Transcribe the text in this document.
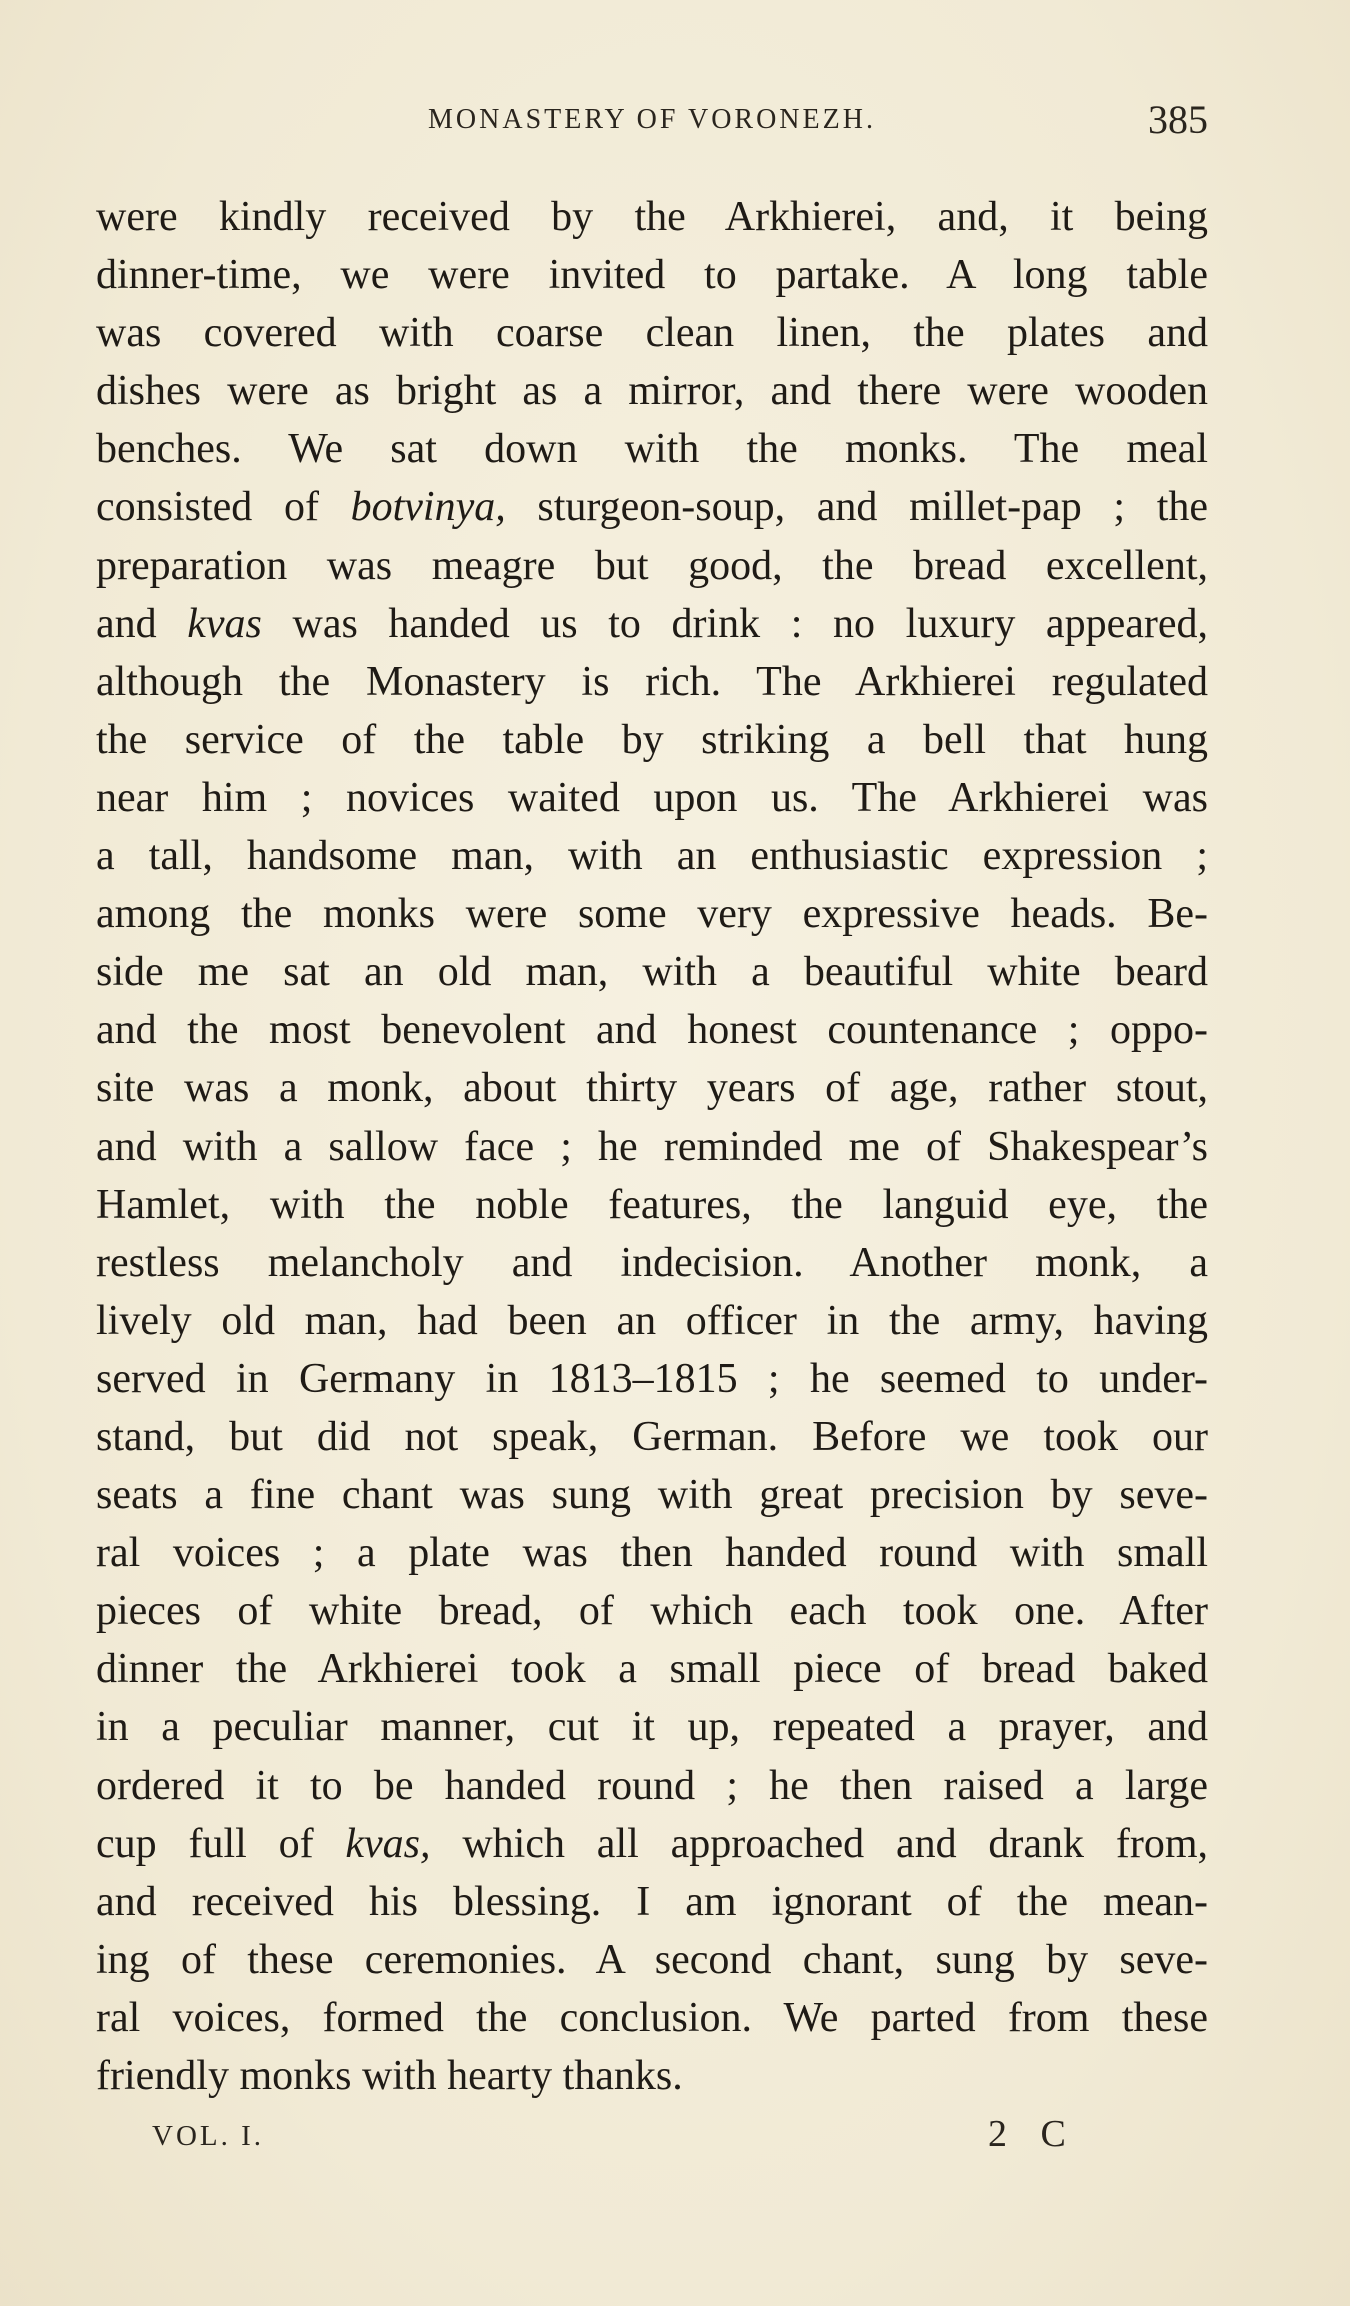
MONASTERY OF VORONEZH.	385
were kindly received by the Arkhierei, and, it being
dinner-time, we were invited to partake. A long table
was covered with coarse clean linen, the plates and
dishes were as bright as a mirror, and there were wooden
benches. We sat down with the monks. The meal
consisted of botvinya, sturgeon-soup, and millet-pap ; the
preparation was meagre but good, the bread excellent,
and kvas was handed us to drink : no luxury appeared,
although the Monastery is rich. The Arkhierei regulated
the service of the table by striking a bell that hung
near him ; novices waited upon us. The Arkhierei was
a tall, handsome man, with an enthusiastic expression ;
among the monks were some very expressive heads. Be-
side me sat an old man, with a beautiful white beard
and the most benevolent and honest countenance ; oppo-
site was a monk, about thirty years of age, rather stout,
and with a sallow face ; he reminded me of Shakespear’s
Hamlet, with the noble features, the languid eye, the
restless melancholy and indecision. Another monk, a
lively old man, had been an officer in the army, having
served in Germany in 1813–1815 ; he seemed to under-
stand, but did not speak, German. Before we took our
seats a fine chant was sung with great precision by seve-
ral voices ; a plate was then handed round with small
pieces of white bread, of which each took one. After
dinner the Arkhierei took a small piece of bread baked
in a peculiar manner, cut it up, repeated a prayer, and
ordered it to be handed round ; he then raised a large
cup full of kvas, which all approached and drank from,
and received his blessing. I am ignorant of the mean-
ing of these ceremonies. A second chant, sung by seve-
ral voices, formed the conclusion. We parted from these
friendly monks with hearty thanks.
VOL. I.	2 C
